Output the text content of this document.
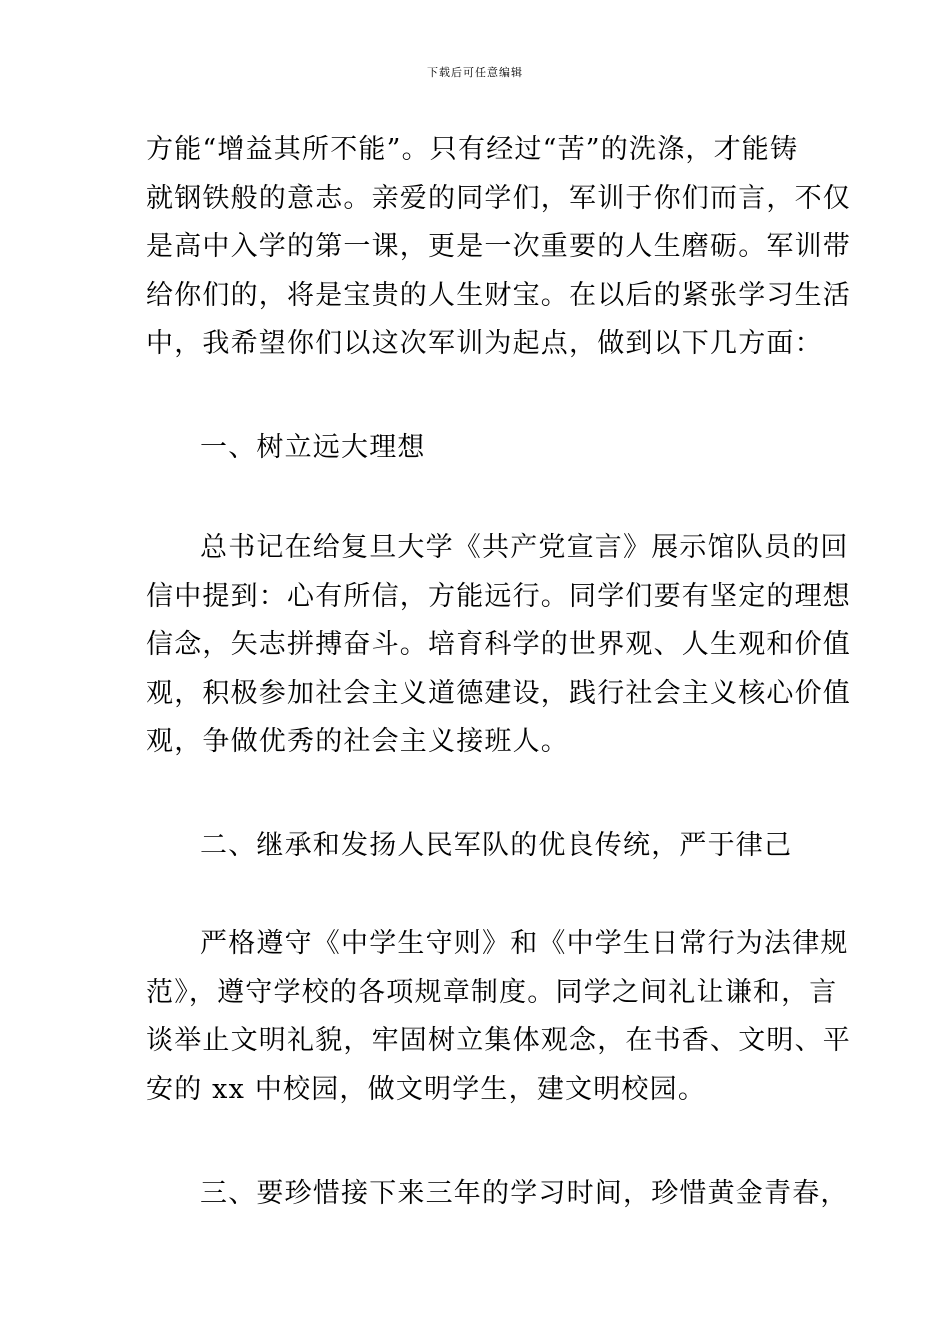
下载后可任意编辑
方能“增益其所不能”。只有经过“苦”的洗涤，才能铸
就钢铁般的意志。亲爱的同学们，军训于你们而言，不仅
是高中入学的第一课，更是一次重要的人生磨砺。军训带
给你们的，将是宝贵的人生财宝。在以后的紧张学习生活
中，我希望你们以这次军训为起点，做到以下几方面：
一、树立远大理想
总书记在给复旦大学《共产党宣言》展示馆队员的回
信中提到：心有所信，方能远行。同学们要有坚定的理想
信念，矢志拼搏奋斗。培育科学的世界观、人生观和价值
观，积极参加社会主义道德建设，践行社会主义核心价值
观，争做优秀的社会主义接班人。
二、继承和发扬人民军队的优良传统，严于律己
严格遵守《中学生守则》和《中学生日常行为法律规
范》，遵守学校的各项规章制度。同学之间礼让谦和，言
谈举止文明礼貌，牢固树立集体观念，在书香、文明、平
安的 xx 中校园，做文明学生，建文明校园。
三、要珍惜接下来三年的学习时间，珍惜黄金青春，
